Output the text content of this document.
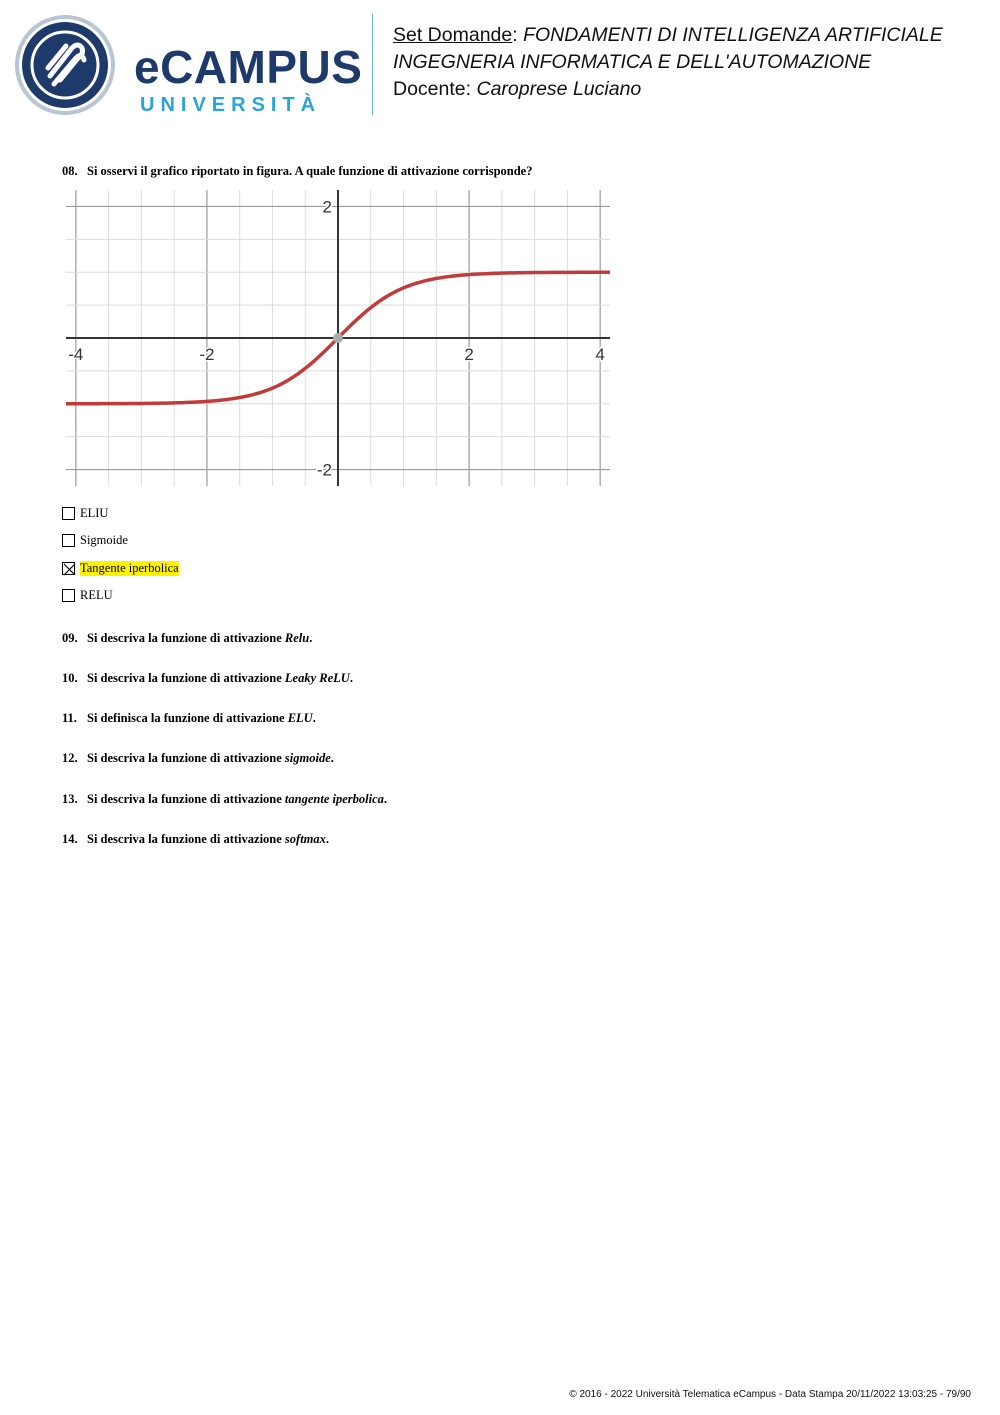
eCAMPUS
UNIVERSITÀ
Set Domande: FONDAMENTI DI INTELLIGENZA ARTIFICIALE
INGEGNERIA INFORMATICA E DELL'AUTOMAZIONE
Docente: Caroprese Luciano
08. Si osservi il grafico riportato in figura. A quale funzione di attivazione corrisponde?
-4	-2	2	4
2
-2
ELIU
Sigmoide
Tangente iperbolica
RELU
09. Si descriva la funzione di attivazione Relu.
10. Si descriva la funzione di attivazione Leaky ReLU.
11. Si definisca la funzione di attivazione ELU.
12. Si descriva la funzione di attivazione sigmoide.
13. Si descriva la funzione di attivazione tangente iperbolica.
14. Si descriva la funzione di attivazione softmax.
© 2016 - 2022 Università Telematica eCampus - Data Stampa 20/11/2022 13:03:25 - 79/90
